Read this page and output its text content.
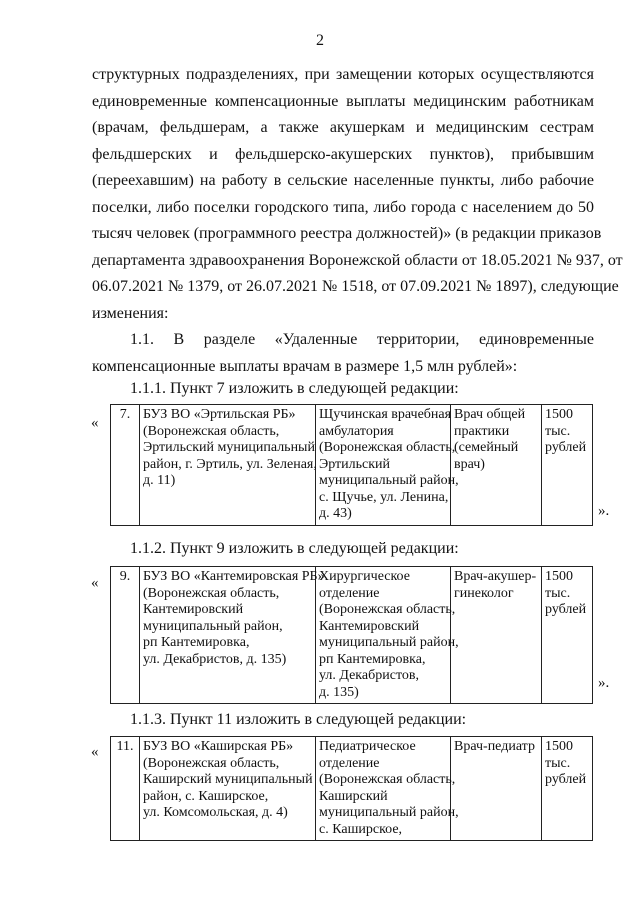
2
структурных подразделениях, при замещении которых осуществляются
единовременные компенсационные выплаты медицинским работникам
(врачам, фельдшерам, а также акушеркам и медицинским сестрам
фельдшерских и фельдшерско-акушерских пунктов), прибывшим
(переехавшим) на работу в сельские населенные пункты, либо рабочие
поселки, либо поселки городского типа, либо города с населением до 50
тысяч человек (программного реестра должностей)» (в редакции приказов
департамента здравоохранения Воронежской области от 18.05.2021 № 937, от
06.07.2021 № 1379, от 26.07.2021 № 1518, от 07.09.2021 № 1897), следующие
изменения:
1.1. В разделе «Удаленные территории, единовременные
компенсационные выплаты врачам в размере 1,5 млн рублей»:
1.1.1. Пункт 7 изложить в следующей редакции:
«
7.	БУЗ ВО «Эртильская РБ»
(Воронежская область,
Эртильский муниципальный
район, г. Эртиль, ул. Зеленая,
д. 11)

Щучинская врачебная
амбулатория
(Воронежская область,
Эртильский
муниципальный район,
с. Щучье, ул. Ленина,
д. 43)

Врач общей
практики
(семейный
врач)

1500
тыс.
рублей
».
1.1.2. Пункт 9 изложить в следующей редакции:
« 9.	БУЗ ВО «Кантемировская РБ»
(Воронежская область,
Кантемировский
муниципальный район,
рп Кантемировка,
ул. Декабристов, д. 135)

Хирургическое
отделение
(Воронежская область,
Кантемировский
муниципальный район,
рп Кантемировка,
ул. Декабристов,
д. 135)

Врач-акушер-
гинеколог

1500
тыс.
рублей
».
1.1.3. Пункт 11 изложить в следующей редакции:
« 11.	БУЗ ВО «Каширская РБ»
(Воронежская область,
Каширский муниципальный
район, с. Каширское,
ул. Комсомольская, д. 4)

Педиатрическое
отделение
(Воронежская область,
Каширский
муниципальный район,
с. Каширское,

Врач-педиатр	1500
тыс.
рублей
